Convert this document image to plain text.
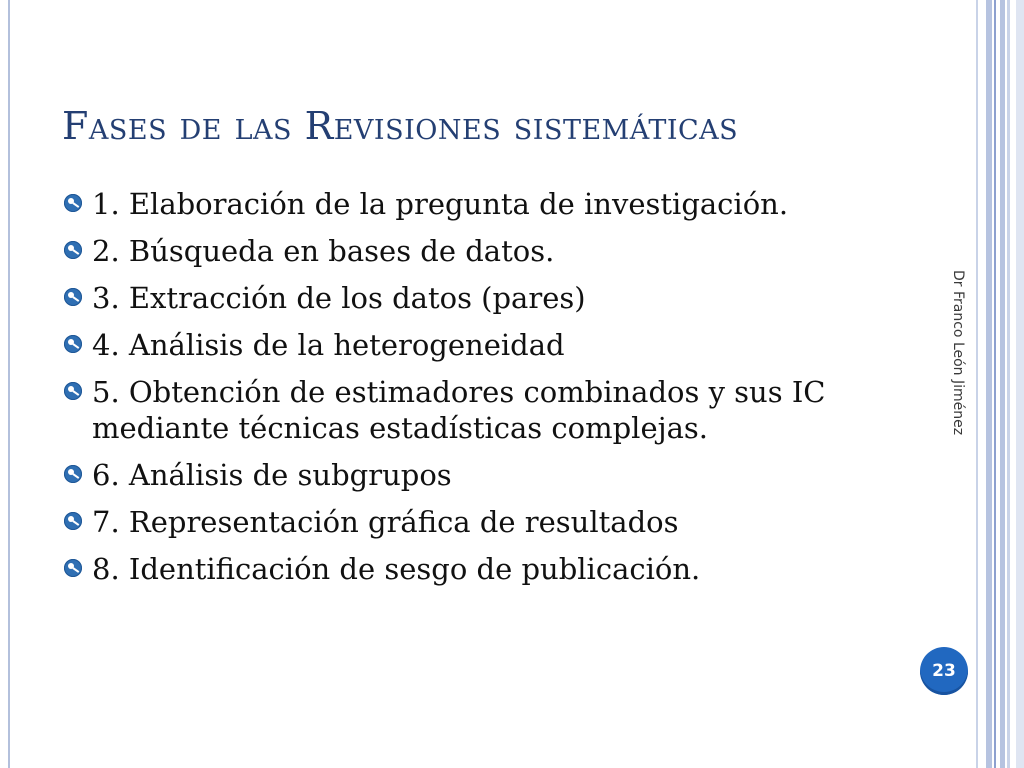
Fases de las Revisiones sistemáticas
1. Elaboración de la pregunta de investigación.
2. Búsqueda en bases de datos.
3. Extracción de los datos (pares)
4. Análisis de la heterogeneidad
5. Obtención de estimadores combinados y sus IC mediante técnicas estadísticas complejas.
6. Análisis de subgrupos
7. Representación gráfica de resultados
8. Identificación de sesgo de publicación.
Dr Franco León Jiménez
23
